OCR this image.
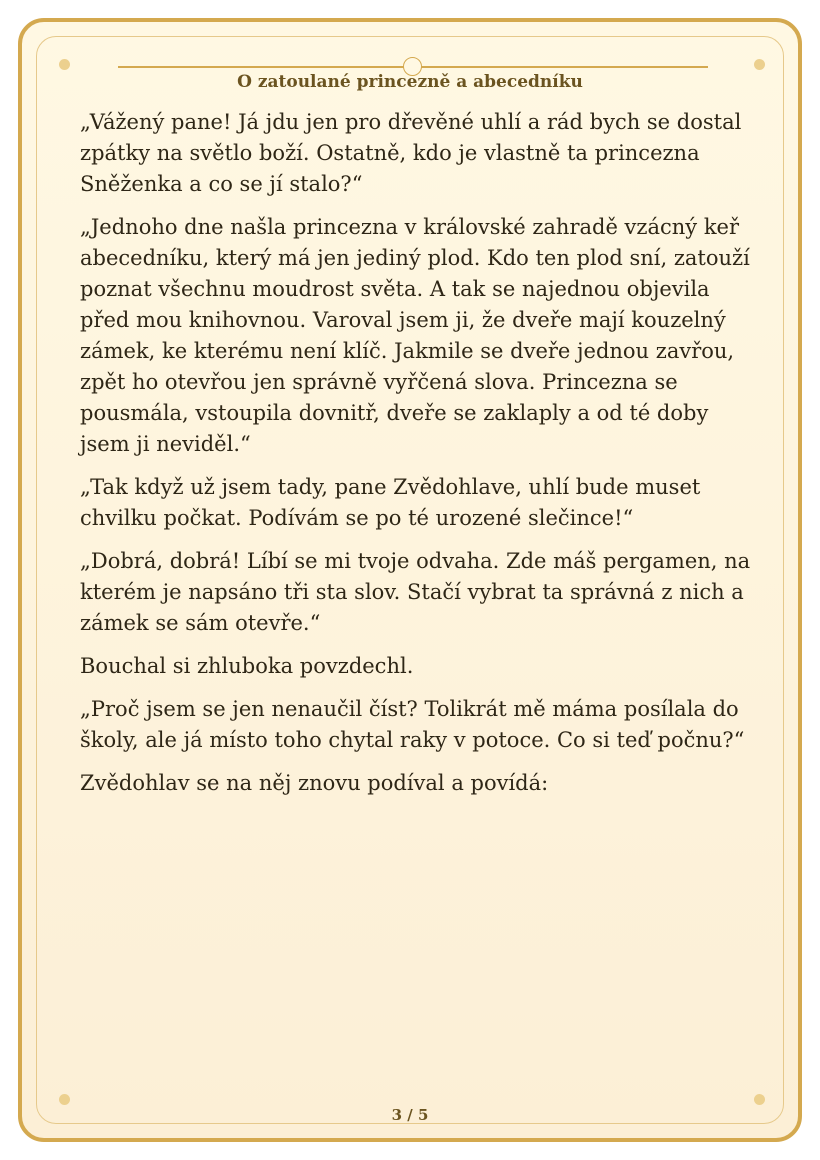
O zatoulané princezně a abecedníku

„Vážený pane! Já jdu jen pro dřevěné uhlí a rád bych se dostal zpátky na světlo boží. Ostatně, kdo je vlastně ta princezna Sněženka a co se jí stalo?“

„Jednoho dne našla princezna v královské zahradě vzácný keř abecedníku, který má jen jediný plod. Kdo ten plod sní, zatouží poznat všechnu moudrost světa. A tak se najednou objevila před mou knihovnou. Varoval jsem ji, že dveře mají kouzelný zámek, ke kterému není klíč. Jakmile se dveře jednou zavřou, zpět ho otevřou jen správně vyřčená slova. Princezna se pousmála, vstoupila dovnitř, dveře se zaklaply a od té doby jsem ji neviděl.“

„Tak když už jsem tady, pane Zvědohlave, uhlí bude muset chvilku počkat. Podívám se po té urozené slečince!“

„Dobrá, dobrá! Líbí se mi tvoje odvaha. Zde máš pergamen, na kterém je napsáno tři sta slov. Stačí vybrat ta správná z nich a zámek se sám otevře.“

Bouchal si zhluboka povzdechl.

„Proč jsem se jen nenaučil číst? Tolikrát mě máma posílala do školy, ale já místo toho chytal raky v potoce. Co si teď počnu?“

Zvědohlav se na něj znovu podíval a povídá:

3 / 5
